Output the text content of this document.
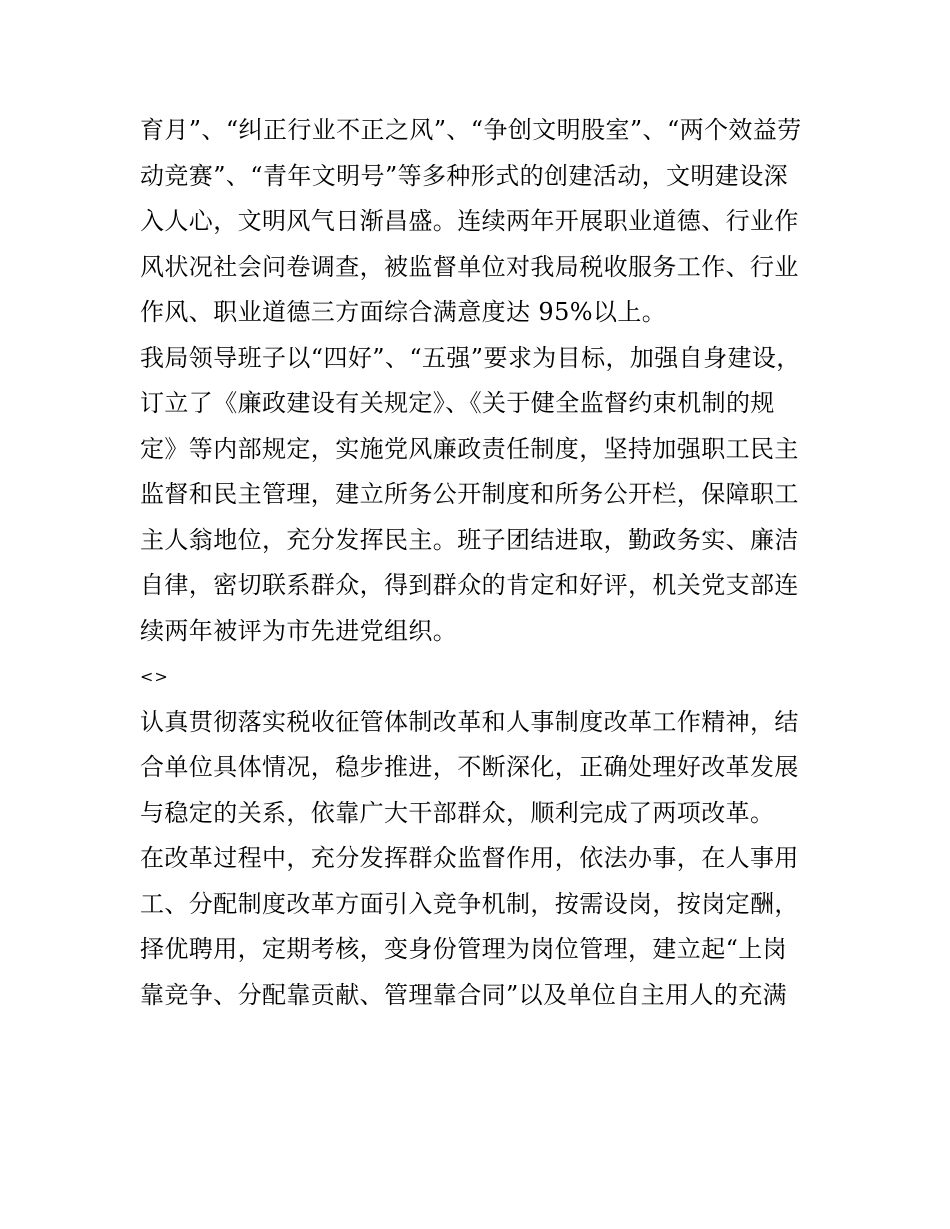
育月”、“纠正行业不正之风”、“争创文明股室”、“两个效益劳
动竞赛”、“青年文明号”等多种形式的创建活动，文明建设深
入人心，文明风气日渐昌盛。连续两年开展职业道德、行业作
风状况社会问卷调查，被监督单位对我局税收服务工作、行业
作风、职业道德三方面综合满意度达 95%以上。

我局领导班子以“四好”、“五强”要求为目标，加强自身建设，
订立了《廉政建设有关规定》、《关于健全监督约束机制的规
定》等内部规定，实施党风廉政责任制度，坚持加强职工民主
监督和民主管理，建立所务公开制度和所务公开栏，保障职工
主人翁地位，充分发挥民主。班子团结进取，勤政务实、廉洁
自律，密切联系群众，得到群众的肯定和好评，机关党支部连
续两年被评为市先进党组织。

<>

认真贯彻落实税收征管体制改革和人事制度改革工作精神，结
合单位具体情况，稳步推进，不断深化，正确处理好改革发展
与稳定的关系，依靠广大干部群众，顺利完成了两项改革。

在改革过程中，充分发挥群众监督作用，依法办事，在人事用
工、分配制度改革方面引入竞争机制，按需设岗，按岗定酬，
择优聘用，定期考核，变身份管理为岗位管理，建立起“上岗
靠竞争、分配靠贡献、管理靠合同”以及单位自主用人的充满
